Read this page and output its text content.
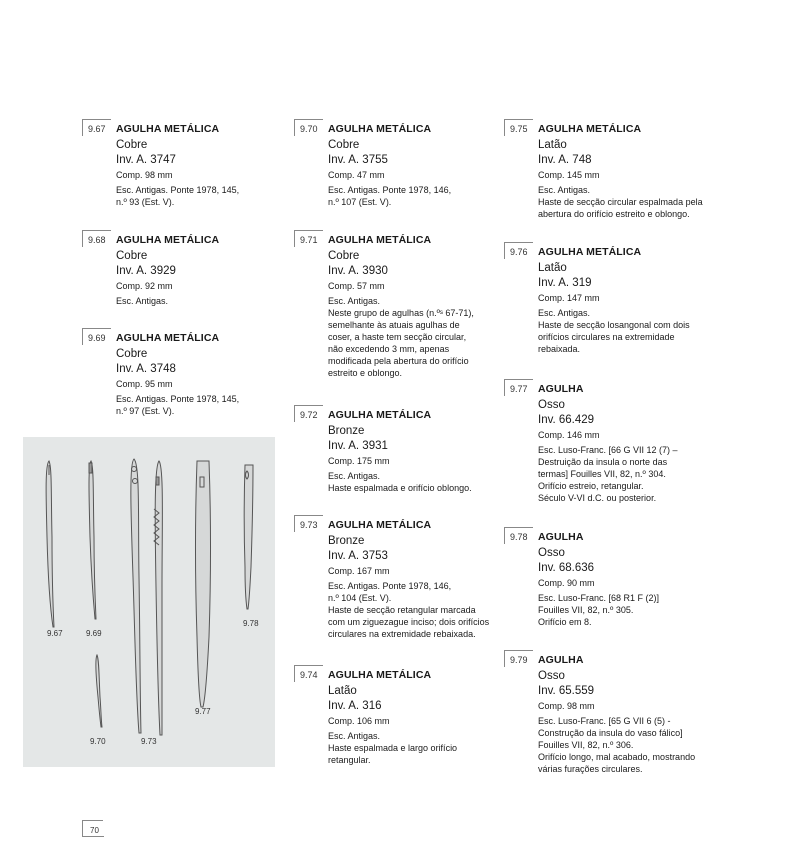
9.67 AGULHA METÁLICA

Cobre

Inv. A. 3747

Comp. 98 mm

Esc. Antigas. Ponte 1978, 145,

n.º 93 (Est. V).

9.68 AGULHA METÁLICA

Cobre

Inv. A. 3929

Comp. 92 mm

Esc. Antigas.

9.69 AGULHA METÁLICA

Cobre

Inv. A. 3748

Comp. 95 mm

Esc. Antigas. Ponte 1978, 145,

n.º 97 (Est. V).

9.70 AGULHA METÁLICA

Cobre

Inv. A. 3755

Comp. 47 mm

Esc. Antigas. Ponte 1978, 146,

n.º 107 (Est. V).

9.71 AGULHA METÁLICA

Cobre

Inv. A. 3930

Comp. 57 mm

Esc. Antigas.

Neste grupo de agulhas (n.ºˢ 67-71),

semelhante às atuais agulhas de

coser, a haste tem secção circular,

não excedendo 3 mm, apenas

modificada pela abertura do orifício

estreito e oblongo.

9.72 AGULHA METÁLICA

Bronze

Inv. A. 3931

Comp. 175 mm

Esc. Antigas.

Haste espalmada e orifício oblongo.

9.73 AGULHA METÁLICA

Bronze

Inv. A. 3753

Comp. 167 mm

Esc. Antigas. Ponte 1978, 146,

n.º 104 (Est. V).

Haste de secção retangular marcada

com um ziguezague inciso; dois orifícios

circulares na extremidade rebaixada.

9.74 AGULHA METÁLICA

Latão

Inv. A. 316

Comp. 106 mm

Esc. Antigas.

Haste espalmada e largo orifício

retangular.

9.75 AGULHA METÁLICA

Latão

Inv. A. 748

Comp. 145 mm

Esc. Antigas.

Haste de secção circular espalmada pela

abertura do orifício estreito e oblongo.

9.76 AGULHA METÁLICA

Latão

Inv. A. 319

Comp. 147 mm

Esc. Antigas.

Haste de secção losangonal com dois

orifícios circulares na extremidade

rebaixada.

9.77 AGULHA

Osso

Inv. 66.429

Comp. 146 mm

Esc. Luso-Franc. [66 G VII 12 (7) –

Destruição da insula o norte das

termas] Fouilles VII, 82, n.º 304.

Orifício estreio, retangular.

Século V-VI d.C. ou posterior.

9.78 AGULHA

Osso

Inv. 68.636

Comp. 90 mm

Esc. Luso-Franc. [68 R1 F (2)]

Fouilles VII, 82, n.º 305.

Orifício em 8.

9.79 AGULHA

Osso

Inv. 65.559

Comp. 98 mm

Esc. Luso-Franc. [65 G VII 6 (5) -

Construção da insula do vaso fálico]

Fouilles VII, 82, n.º 306.

Orifício longo, mal acabado, mostrando

várias furações circulares.

9.67	9.69
9.70	9.73
9.77
9.78
70
